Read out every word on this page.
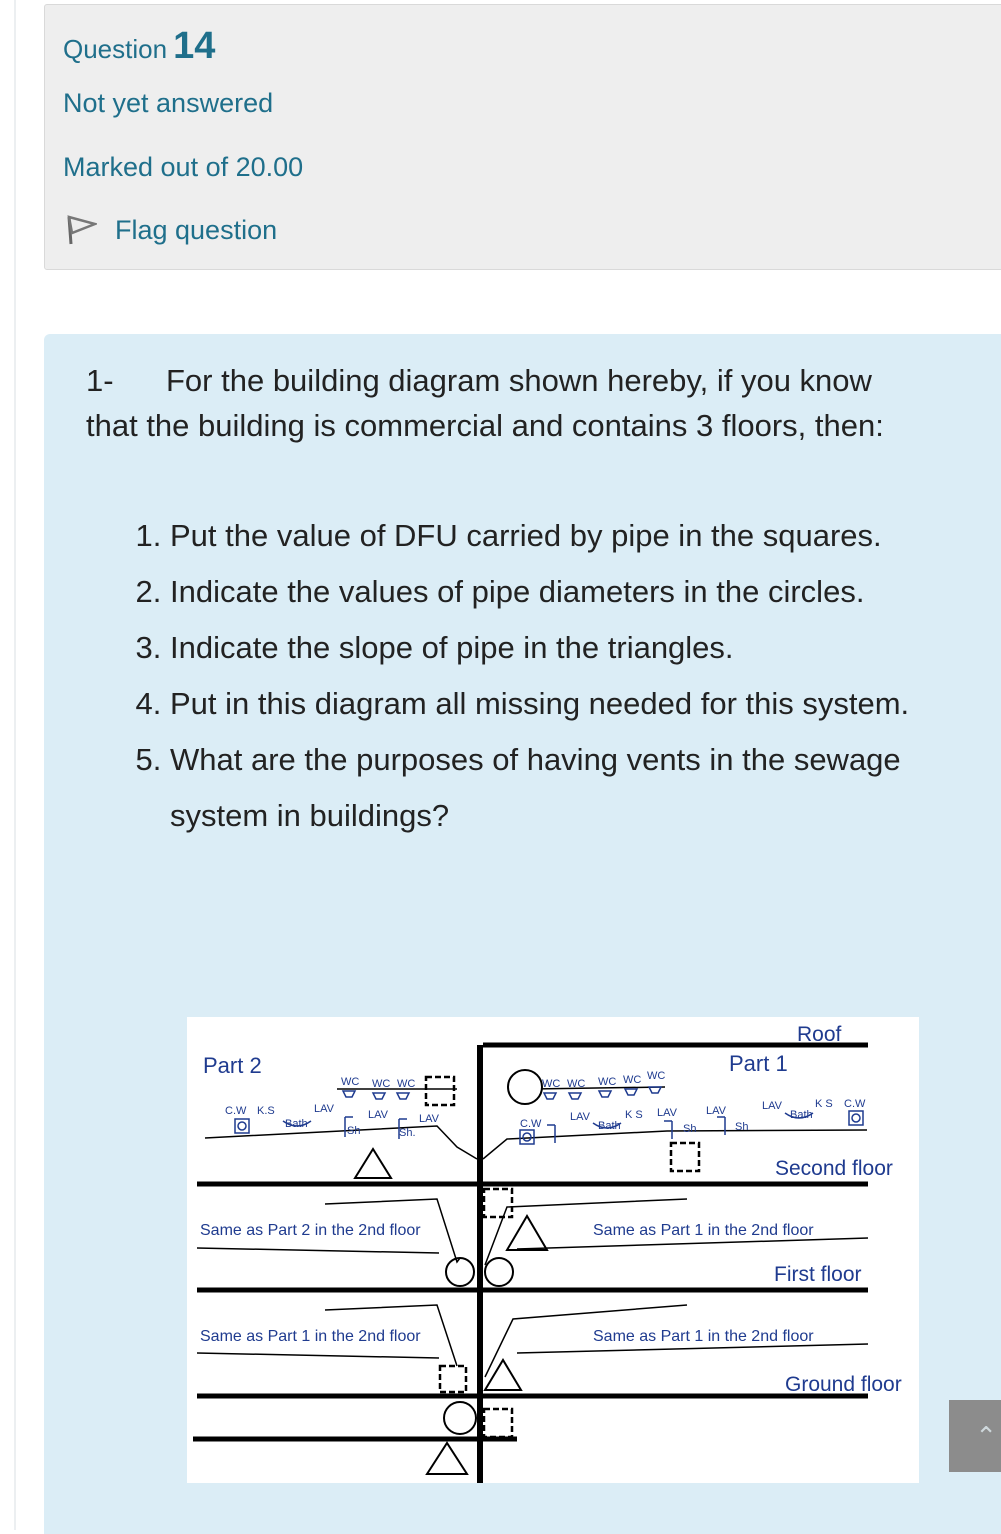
Question 14
Not yet answered
Marked out of 20.00
Flag question
1- For the building diagram shown hereby, if you know that the building is commercial and contains 3 floors, then:
1. Put the value of DFU carried by pipe in the squares.
2. Indicate the values of pipe diameters in the circles.
3. Indicate the slope of pipe in the triangles.
4. Put in this diagram all missing needed for this system.
5. What are the purposes of having vents in the sewage system in buildings?
Roof
Part 2	Part 1
WC WC WC
C.W K.S
Bath
LAV
Sh
LAV
Sh.
LAV
WC WC WC WC WC
C.W
LAV
Bath
K S LAV
Sh
LAV
Sh
LAV
Bath
K S C.W
Second floor
First floor
Ground floor
Same as Part 2 in the 2nd floor	Same as Part 1 in the 2nd floor
Same as Part 1 in the 2nd floor	Same as Part 1 in the 2nd floor
⌃
